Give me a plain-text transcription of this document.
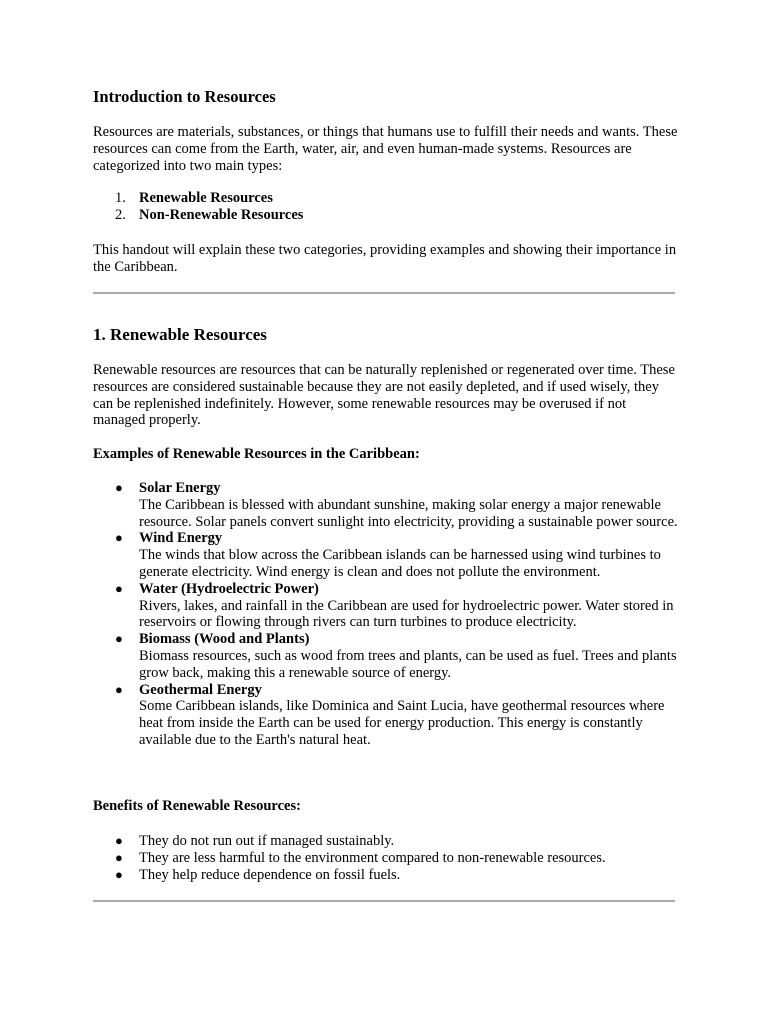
Introduction to Resources

Resources are materials, substances, or things that humans use to fulfill their needs and wants. These resources can come from the Earth, water, air, and even human-made systems. Resources are categorized into two main types:

1. Renewable Resources
2. Non-Renewable Resources

This handout will explain these two categories, providing examples and showing their importance in the Caribbean.

1. Renewable Resources

Renewable resources are resources that can be naturally replenished or regenerated over time. These resources are considered sustainable because they are not easily depleted, and if used wisely, they can be replenished indefinitely. However, some renewable resources may be overused if not managed properly.

Examples of Renewable Resources in the Caribbean:

● Solar Energy
The Caribbean is blessed with abundant sunshine, making solar energy a major renewable resource. Solar panels convert sunlight into electricity, providing a sustainable power source.
● Wind Energy
The winds that blow across the Caribbean islands can be harnessed using wind turbines to generate electricity. Wind energy is clean and does not pollute the environment.
● Water (Hydroelectric Power)
Rivers, lakes, and rainfall in the Caribbean are used for hydroelectric power. Water stored in reservoirs or flowing through rivers can turn turbines to produce electricity.
● Biomass (Wood and Plants)
Biomass resources, such as wood from trees and plants, can be used as fuel. Trees and plants grow back, making this a renewable source of energy.
● Geothermal Energy
Some Caribbean islands, like Dominica and Saint Lucia, have geothermal resources where heat from inside the Earth can be used for energy production. This energy is constantly available due to the Earth's natural heat.

Benefits of Renewable Resources:

● They do not run out if managed sustainably.
● They are less harmful to the environment compared to non-renewable resources.
● They help reduce dependence on fossil fuels.
